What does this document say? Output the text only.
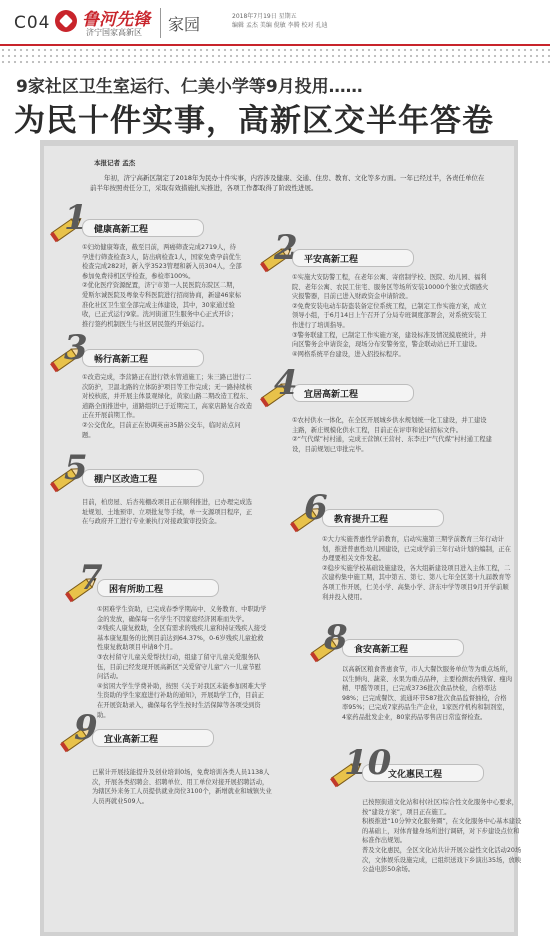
C04 鲁河先锋
济宁国家高新区 家园	2018年7月19日 星期五
编辑 孟杰 美编 倪敏 李腾 校对 孔迪
9家社区卫生室运行、仁美小学等9月投用……
为民十件实事，高新区交半年答卷
本报记者 孟杰
年初，济宁高新区制定了2018年为民办十件实事，内容涉及健康、交通、住房、教育、文化等多方面。一年已经过半，各责任单位在前半年按照责任分工，采取有效措施扎实推进，各项工作都取得了阶段性进展。
1 健康高新工程
①妇幼健康筹查，截至目前，两癌筛查完成2719人，待孕进行筛查检查3人，防出病检查1人，国家免费孕前优生检查完成282对，新入学3523管理和新入员304人，全部参加免费待机区学检查，参检率100%。
②优化医疗资源配置，济宁市第一人民医院东院区二期，爱斯尔诚医院及粤象专科医院进行招商协商，新建46家标准化社区卫生室全部完成主体建设，其中，30家通过验收，已正式运行9家。洸河街道卫生服务中心正式开诊；推行签约机制医生与社区居民签约开始运行。
2 平安高新工程
①实施大安防警工程，在老年公寓、寄宿制学校、医院、幼儿园、福利院、老年公寓、农民工住宅、服务区等场所安装10000个独立式烟感火灾报警器，目前已进入财政资金申请阶段。
②免费安装电动车防盗装备定位系统工程，已制定工作实施方案，成立领导小组，于6月14日上午召开了分局专班调度部署会，对系统安装工作进行了培训指导。
③警务联建工程，已制定工作实施方案，建设标准及情况摸底统计，并向区警务会申请资金，现场分布安警务室，警企联动站已开工建设。
④网格系统平台建设，进入招投标程序。
3 畅行高新工程
①改造完成，李营路正在进行铁水管道施工；朱三路已进行二次防护，卫温北路的立体防护项目等工作完成；无一路持续核对校核底，并开展主体景观绿化，黄家山路二期改造工程东、道路全面推进中，道路组织已于近期完工，高家店路复合改造正在开展前期工作。
②公交优化，目前正在协调英亩35路公交车，临时站点问题。
4 宜居高新工程
①农村供水一体化，在全区开展城乡供水规划统一化工建设，并工建设主路，新庄规模化供水工程，目前正在评审和论证招标文件。
②“气代煤”村村通，完成王营镇(王营村、东李庄)“气代煤”村村通工程建设，目前规划已审批完毕。
5 棚户区改造工程
目前，柏房屋、后杏苑棚改项目正在顺利推进，已办理完成选址规划、土地预审、立项批复等手续，单一支源项目程序，正在与政府开工进行专业兼执行对接政策审投资金。	6 教育提升工程
①大力实施普惠性学前教育，启动实施第三期学前教育三年行动计划，推进普惠性幼儿园建设，已完成学前三年行动计划的编制，正在办理要相关文件发起。
②稳步实施学校基础设施建设，各大组新建设项目进入主体工程，二次建构集中施工期，其中第五、第七、第八七年全区第十九届教育等各项工作开展，仁美小学、高集小学、济东中学等项目9月开学前顺利并投入使用。
7 困有所助工程
①困难学生资助，已完成春季学期高中、义务教育、中职助学金的发放，确保每一名学生不因家庭经济困难而失学。
②残疾人康复救助，全区有需求的残疾儿童和持证残疾人接受基本康复服务的比例目前达到64.37%，0-6岁残疾儿童抢救性康复救助项目申请8个月。
③农村留守儿童关爱帮扶行动，组建了留守儿童关爱服务队伍，目前已经发现开展高新区“关爱留守儿童”六一儿童节慰问活动。
④贫困大学生学费补助，按照《关于对我区未能参加困难大学生资助的学生家庭进行补助的通知》，开展助学工作，目前正在开展资助录入，确保每名学生按时生活保障等各项受到资助。
8 食安高新工程
以高新区粮食普惠食节，市人大餐饮服务单位等为重点场所，以生鲜肉、蔬菜、水果为重点品种，主要检测农药残留、瘦肉精、甲醛等项目，已完成3736批次食品快检，合格率达98%；已完成餐饮、流通环节587批次食品监督抽检，合格率95%；已完成7家药品生产企业，1家医疗机构和制剂室，4家药品批发企业，80家药品零售店日常监督检查。
9 宜业高新工程
已累计开展技能提升及创业培训0场，免费培训各类人员1138人次，开展各类招聘会、招聘单位、用工单位对接开展招聘活动，为辖区外来务工人员提供就业岗位3100个，新增就业和城镇失业人员再就业509人。
10
文化惠民工程
已按照街道文化站和村(社区)综合性文化服务中心要求，按“建设方案”，项目正在施工。
积极推进“10分钟文化服务圈”，在文化服务中心基本建设的基础上，对体育健身场所进行调研，对下步建设点位和标准作出规划。
普及文化惠民，全区文化站共计开展公益性文化活动20场次，文体娱乐设施完成，已组织送戏下乡演出35场，放映公益电影50余场。
